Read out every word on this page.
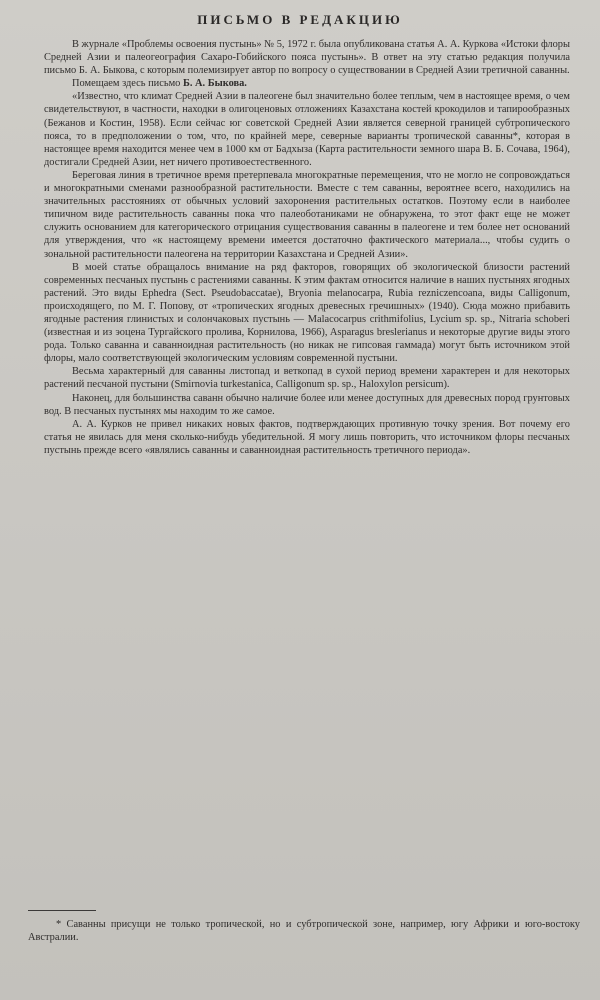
ПИСЬМО В РЕДАКЦИЮ

В журнале «Проблемы освоения пустынь» № 5, 1972 г. была опубликована статья А. А. Куркова «Истоки флоры Средней Азии и палеогеография Сахаро-Гобийского пояса пустынь». В ответ на эту статью редакция получила письмо Б. А. Быкова, с которым полемизирует автор по вопросу о существовании в Средней Азии третичной саванны.

Помещаем здесь письмо Б. А. Быкова.

«Известно, что климат Средней Азии в палеогене был значительно более теплым, чем в настоящее время, о чем свидетельствуют, в частности, находки в олигоценовых отложениях Казахстана костей крокодилов и тапирообразных (Бежанов и Костин, 1958). Если сейчас юг советской Средней Азии является северной границей субтропического пояса, то в предположении о том, что, по крайней мере, северные варианты тропической саванны*, которая в настоящее время находится менее чем в 1000 км от Бадхыза (Карта растительности земного шара В. Б. Сочава, 1964), достигали Средней Азии, нет ничего противоестественного.

Береговая линия в третичное время претерпевала многократные перемещения, что не могло не сопровождаться и многократными сменами разнообразной растительности. Вместе с тем саванны, вероятнее всего, находились на значительных расстояниях от обычных условий захоронения растительных остатков. Поэтому если в наиболее типичном виде растительность саванны пока что палеоботаниками не обнаружена, то этот факт еще не может служить основанием для категорического отрицания существования саванны в палеогене и тем более нет оснований для утверждения, что «к настоящему времени имеется достаточно фактического материала..., чтобы судить о зональной растительности палеогена на территории Казахстана и Средней Азии».

В моей статье обращалось внимание на ряд факторов, говорящих об экологической близости растений современных песчаных пустынь с растениями саванны. К этим фактам относится наличие в наших пустынях ягодных растений. Это виды Ephedra (Sect. Pseudobaccatae), Bryonia melanocarpa, Rubia rezniczencoana, виды Calligonum, происходящего, по М. Г. Попову, от «тропических ягодных древесных гречишных» (1940). Сюда можно прибавить ягодные растения глинистых и солончаковых пустынь — Malacocarpus crithmifolius, Lycium sp. sp., Nitraria schoberi (известная и из эоцена Тургайского пролива, Корнилова, 1966), Asparagus breslerianus и некоторые другие виды этого рода. Только саванна и саванноидная растительность (но никак не гипсовая гаммада) могут быть источником этой флоры, мало соответствующей экологическим условиям современной пустыни.

Весьма характерный для саванны листопад и веткопад в сухой период времени характерен и для некоторых растений песчаной пустыни (Smirnovia turkestanica, Calligonum sp. sp., Haloxylon persicum).

Наконец, для большинства саванн обычно наличие более или менее доступных для древесных пород грунтовых вод. В песчаных пустынях мы находим то же самое.

А. А. Курков не привел никаких новых фактов, подтверждающих противную точку зрения. Вот почему его статья не явилась для меня сколько-нибудь убедительной. Я могу лишь повторить, что источником флоры песчаных пустынь прежде всего «являлись саванны и саванноидная растительность третичного периода».

* Саванны присущи не только тропической, но и субтропической зоне, например, югу Африки и юго-востоку Австралии.
